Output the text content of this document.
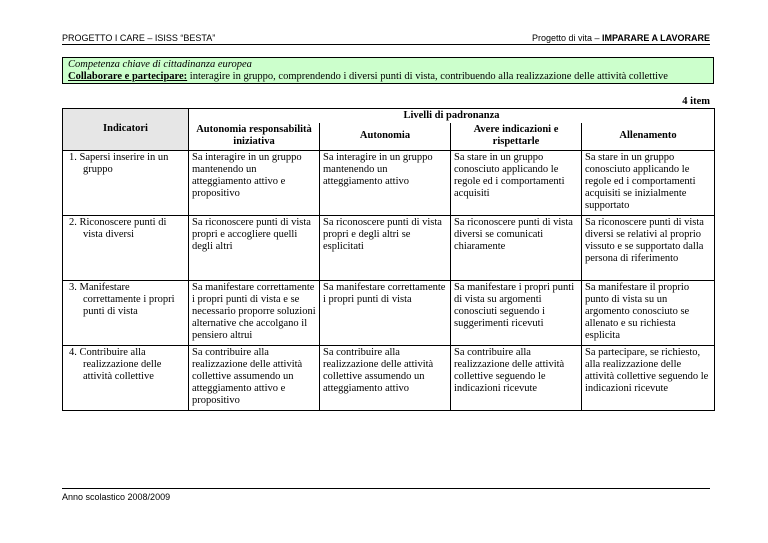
PROGETTO I CARE – ISISS “BESTA”	Progetto di vita – IMPARARE A LAVORARE
Competenza chiave di cittadinanza europea
Collaborare e partecipare: interagire in gruppo, comprendendo i diversi punti di vista, contribuendo alla realizzazione delle attività collettive
4 item
Indicatori	Livelli di padronanza			
	Autonomia responsabilità iniziativa	Autonomia	Avere indicazioni e rispettarle	Allenamento
1. Sapersi inserire in un gruppo	Sa interagire in un gruppo mantenendo un atteggiamento attivo e propositivo	Sa interagire in un gruppo mantenendo un atteggiamento attivo	Sa stare in un gruppo conosciuto applicando le regole ed i comportamenti acquisiti	Sa stare in un gruppo conosciuto applicando le regole ed i comportamenti acquisiti se inizialmente supportato
2. Riconoscere punti di vista diversi	Sa riconoscere punti di vista propri e accogliere quelli degli altri	Sa riconoscere punti di vista propri e degli altri se esplicitati	Sa riconoscere punti di vista diversi se comunicati chiaramente	Sa riconoscere punti di vista diversi se relativi al proprio vissuto e se supportato dalla persona di riferimento
3. Manifestare correttamente i propri punti di vista	Sa manifestare correttamente i propri punti di vista e se necessario proporre soluzioni alternative che accolgano il pensiero altrui	Sa manifestare correttamente i propri punti di vista	Sa manifestare i propri punti di vista su argomenti conosciuti seguendo i suggerimenti ricevuti	Sa manifestare il proprio punto di vista su un argomento conosciuto se allenato e su richiesta esplicita
4. Contribuire alla realizzazione delle attività collettive	Sa contribuire alla realizzazione delle attività collettive assumendo un atteggiamento attivo e propositivo	Sa contribuire alla realizzazione delle attività collettive assumendo un atteggiamento attivo	Sa contribuire alla realizzazione delle attività collettive seguendo le indicazioni ricevute	Sa partecipare, se richiesto, alla realizzazione delle attività collettive seguendo le indicazioni ricevute
Anno scolastico 2008/2009
